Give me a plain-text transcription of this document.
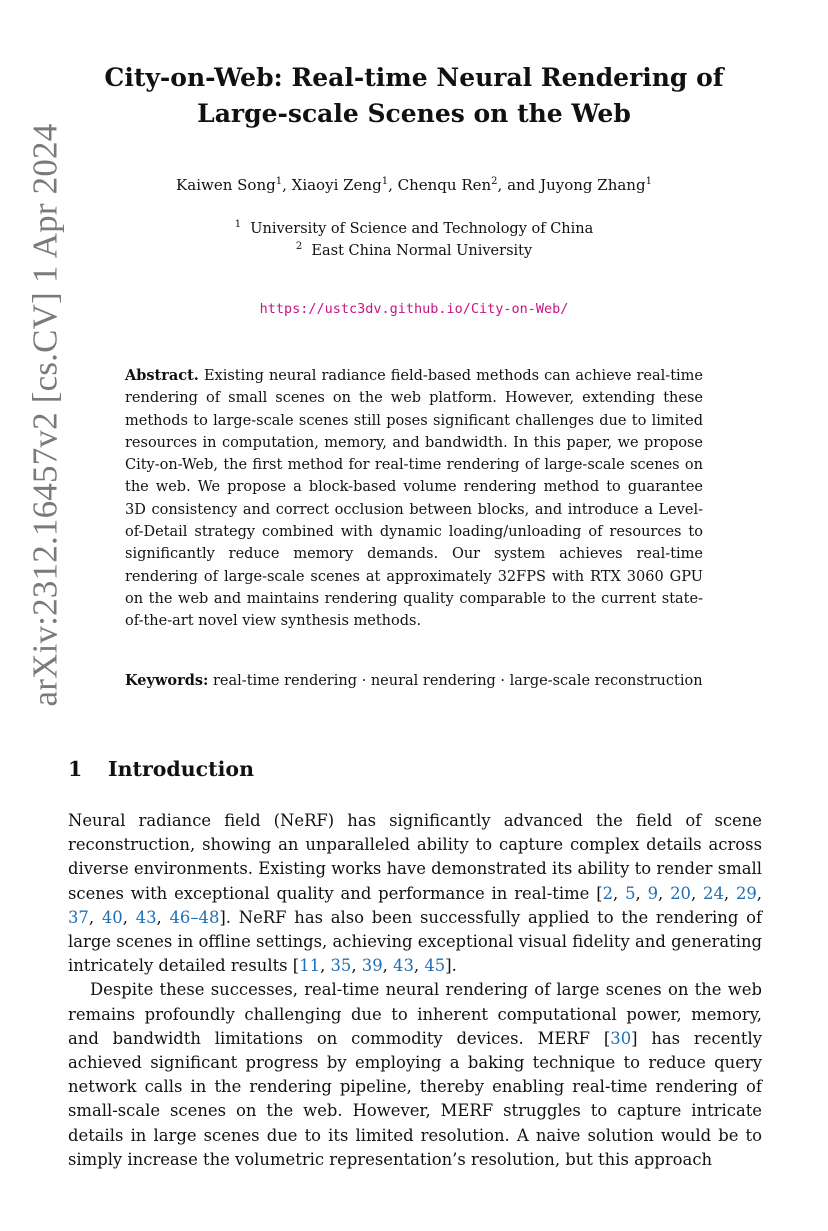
arXiv:2312.16457v2 [cs.CV] 1 Apr 2024
City-on-Web: Real-time Neural Rendering of
Large-scale Scenes on the Web
Kaiwen Song$^1$, Xiaoyi Zeng$^1$, Chenqu Ren$^2$, and Juyong Zhang$^1$
$^1$ University of Science and Technology of China
$^2$ East China Normal University
https://ustc3dv.github.io/City-on-Web/

Abstract. Existing neural radiance field-based methods can achieve real-time rendering of small scenes on the web platform. However, extending these methods to large-scale scenes still poses significant challenges due to limited resources in computation, memory, and bandwidth. In this paper, we propose City-on-Web, the first method for real-time rendering of large-scale scenes on the web. We propose a block-based volume rendering method to guarantee 3D consistency and correct occlusion between blocks, and introduce a Level-of-Detail strategy combined with dynamic loading/unloading of resources to significantly reduce memory demands. Our system achieves real-time rendering of large-scale scenes at approximately 32FPS with RTX 3060 GPU on the web and maintains rendering quality comparable to the current state-of-the-art novel view synthesis methods.

Keywords: real-time rendering · neural rendering · large-scale reconstruction

1 Introduction

Neural radiance field (NeRF) has significantly advanced the field of scene reconstruction, showing an unparalleled ability to capture complex details across diverse environments. Existing works have demonstrated its ability to render small scenes with exceptional quality and performance in real-time [2, 5, 9, 20, 24, 29, 37, 40, 43, 46–48]. NeRF has also been successfully applied to the rendering of large scenes in offline settings, achieving exceptional visual fidelity and generating intricately detailed results [11, 35, 39, 43, 45].

Despite these successes, real-time neural rendering of large scenes on the web remains profoundly challenging due to inherent computational power, memory, and bandwidth limitations on commodity devices. MERF [30] has recently achieved significant progress by employing a baking technique to reduce query network calls in the rendering pipeline, thereby enabling real-time rendering of small-scale scenes on the web. However, MERF struggles to capture intricate details in large scenes due to its limited resolution. A naive solution would be to simply increase the volumetric representation’s resolution, but this approach
